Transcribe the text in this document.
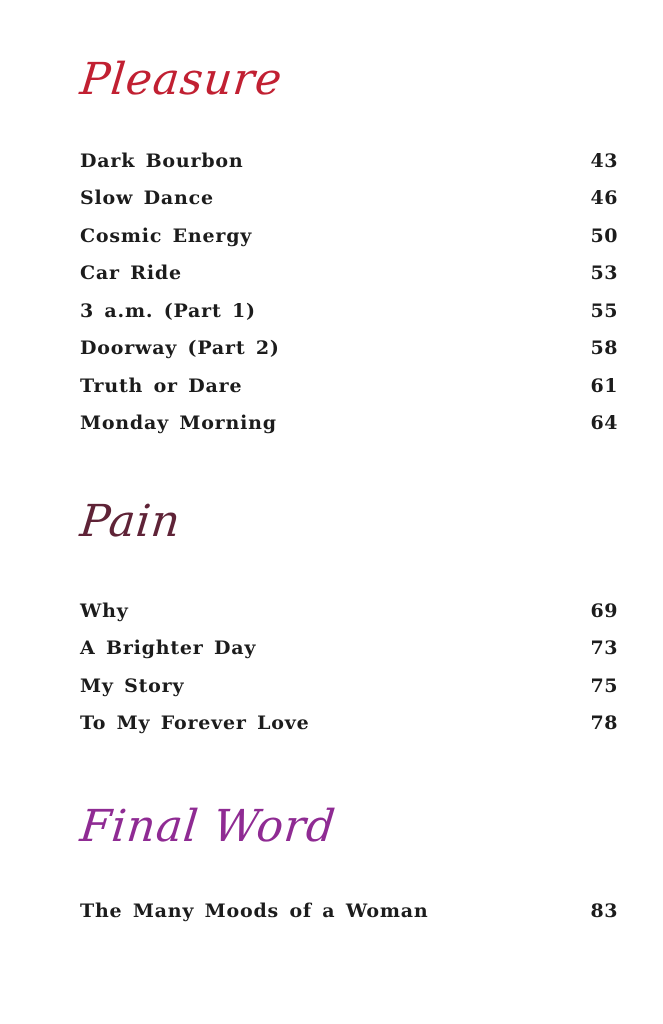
Pleasure
Dark Bourbon	43
Slow Dance	46
Cosmic Energy	50
Car Ride	53
3 a.m. (Part 1)	55
Doorway (Part 2)	58
Truth or Dare	61
Monday Morning	64
Pain
Why	69
A Brighter Day	73
My Story	75
To My Forever Love	78
Final Word
The Many Moods of a Woman	83
